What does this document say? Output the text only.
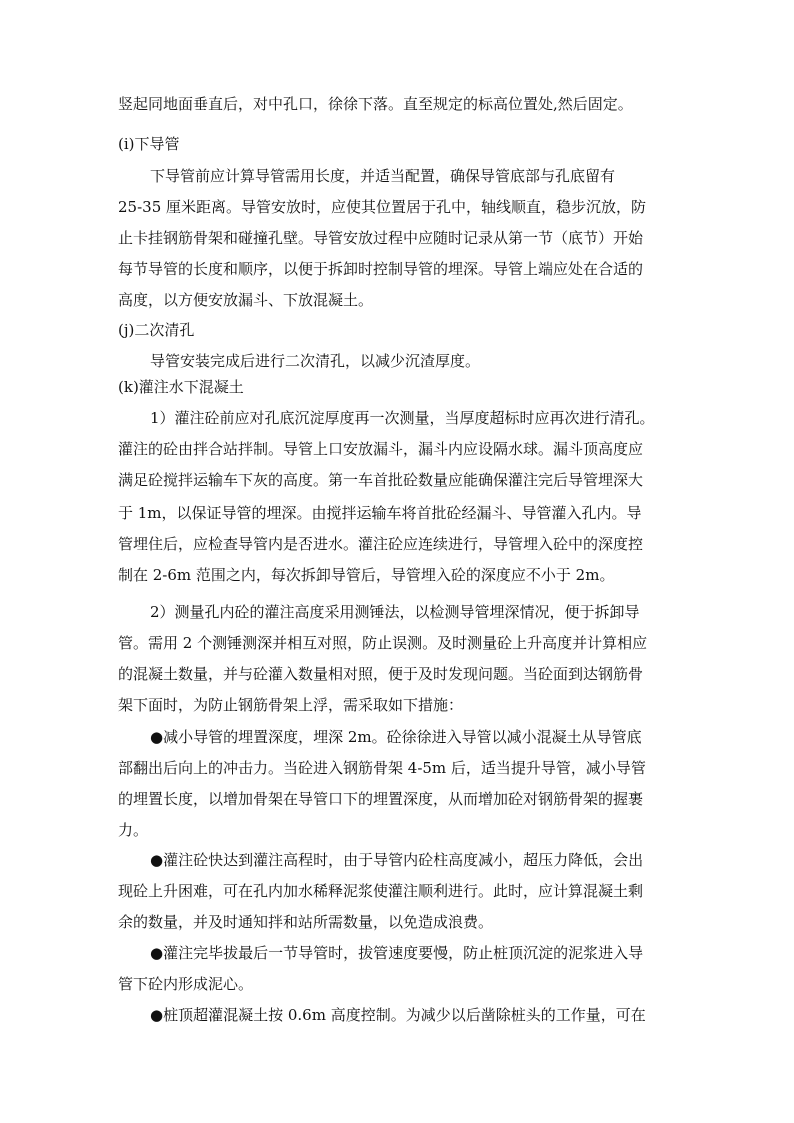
竖起同地面垂直后，对中孔口，徐徐下落。直至规定的标高位置处,然后固定。
(i)下导管
下导管前应计算导管需用长度，并适当配置，确保导管底部与孔底留有
25-35 厘米距离。导管安放时，应使其位置居于孔中，轴线顺直，稳步沉放，防
止卡挂钢筋骨架和碰撞孔壁。导管安放过程中应随时记录从第一节（底节）开始
每节导管的长度和顺序，以便于拆卸时控制导管的埋深。导管上端应处在合适的
高度，以方便安放漏斗、下放混凝土。
(j)二次清孔
导管安装完成后进行二次清孔，以减少沉渣厚度。
(k)灌注水下混凝土
1）灌注砼前应对孔底沉淀厚度再一次测量，当厚度超标时应再次进行清孔。
灌注的砼由拌合站拌制。导管上口安放漏斗，漏斗内应设隔水球。漏斗顶高度应
满足砼搅拌运输车下灰的高度。第一车首批砼数量应能确保灌注完后导管埋深大
于 1m，以保证导管的埋深。由搅拌运输车将首批砼经漏斗、导管灌入孔内。导
管埋住后，应检查导管内是否进水。灌注砼应连续进行，导管埋入砼中的深度控
制在 2-6m 范围之内，每次拆卸导管后，导管埋入砼的深度应不小于 2m。
2）测量孔内砼的灌注高度采用测锤法，以检测导管埋深情况，便于拆卸导
管。需用 2 个测锤测深并相互对照，防止误测。及时测量砼上升高度并计算相应
的混凝土数量，并与砼灌入数量相对照，便于及时发现问题。当砼面到达钢筋骨
架下面时，为防止钢筋骨架上浮，需采取如下措施：
●减小导管的埋置深度，埋深 2m。砼徐徐进入导管以减小混凝土从导管底
部翻出后向上的冲击力。当砼进入钢筋骨架 4-5m 后，适当提升导管，减小导管
的埋置长度，以增加骨架在导管口下的埋置深度，从而增加砼对钢筋骨架的握裹
力。
●灌注砼快达到灌注高程时，由于导管内砼柱高度减小，超压力降低，会出
现砼上升困难，可在孔内加水稀释泥浆使灌注顺利进行。此时，应计算混凝土剩
余的数量，并及时通知拌和站所需数量，以免造成浪费。
●灌注完毕拔最后一节导管时，拔管速度要慢，防止桩顶沉淀的泥浆进入导
管下砼内形成泥心。
●桩顶超灌混凝土按 0.6m 高度控制。为减少以后凿除桩头的工作量，可在
